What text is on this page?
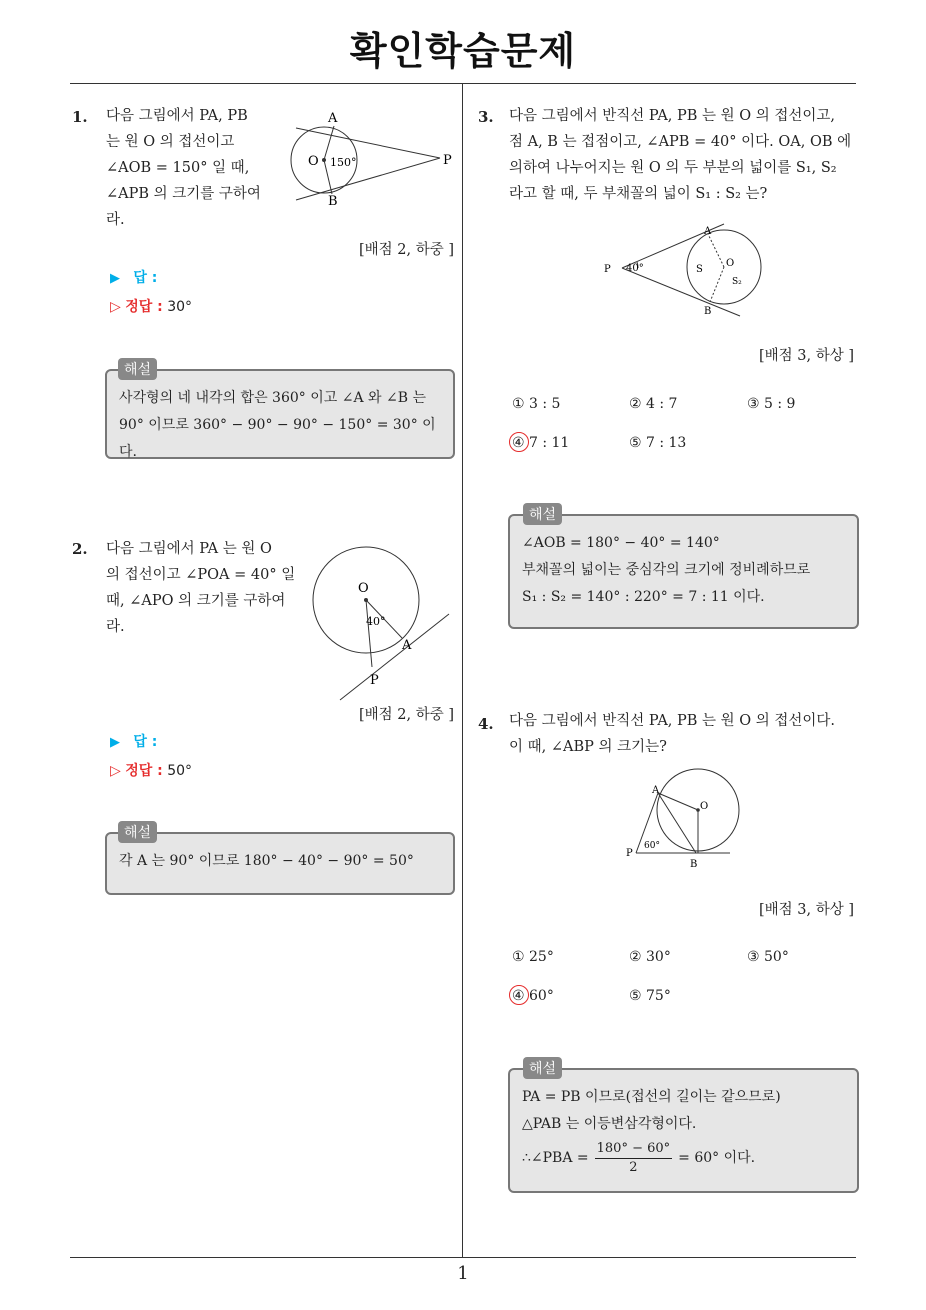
확인학습문제
1
1. 다음 그림에서 PA, PB
는 원 O 의 접선이고
∠AOB = 150° 일 때,
∠APB 의 크기를 구하여
라.
A
B
O	P
150°
[배점 2, 하중 ]
▶ 답 :
▷ 정답 : 30°
사각형의 네 내각의 합은 360° 이고 ∠A 와 ∠B 는
90° 이므로 360° − 90° − 90° − 150° = 30° 이다.
해설
2. 다음 그림에서 PA 는 원 O
의 접선이고 ∠POA = 40° 일
때, ∠APO 의 크기를 구하여
라.
O
A
P
40°
[배점 2, 하중 ]
▶ 답 :
▷ 정답 : 50°
각 A 는 90° 이므로 180° − 40° − 90° = 50°
해설
3. 다음 그림에서 반직선 PA, PB 는 원 O 의 접선이고,
점 A, B 는 접점이고, ∠APB = 40° 이다. OA, OB 에
의하여 나누어지는 원 O 의 두 부분의 넓이를 S₁, S₂
라고 할 때, 두 부채꼴의 넓이 S₁ : S₂ 는?
A
B
P
O
S
S₂
40°
[배점 3, 하상 ]
① 3 : 5	② 4 : 7	③ 5 : 9
④ 7 : 11	⑤ 7 : 13
∠AOB = 180° − 40° = 140°
부채꼴의 넓이는 중심각의 크기에 정비례하므로
S₁ : S₂ = 140° : 220° = 7 : 11 이다.
해설
4. 다음 그림에서 반직선 PA, PB 는 원 O 의 접선이다.
이 때, ∠ABP 의 크기는?
A
B
P
O
60°
[배점 3, 하상 ]
① 25°	② 30°	③ 50°
④ 60°	⑤ 75°
PA = PB 이므로(접선의 길이는 같으므로)
△PAB 는 이등변삼각형이다.
∴∠PBA = $\frac{180^\circ - 60^\circ}{2} = 60^\circ$ 이다.
해설
